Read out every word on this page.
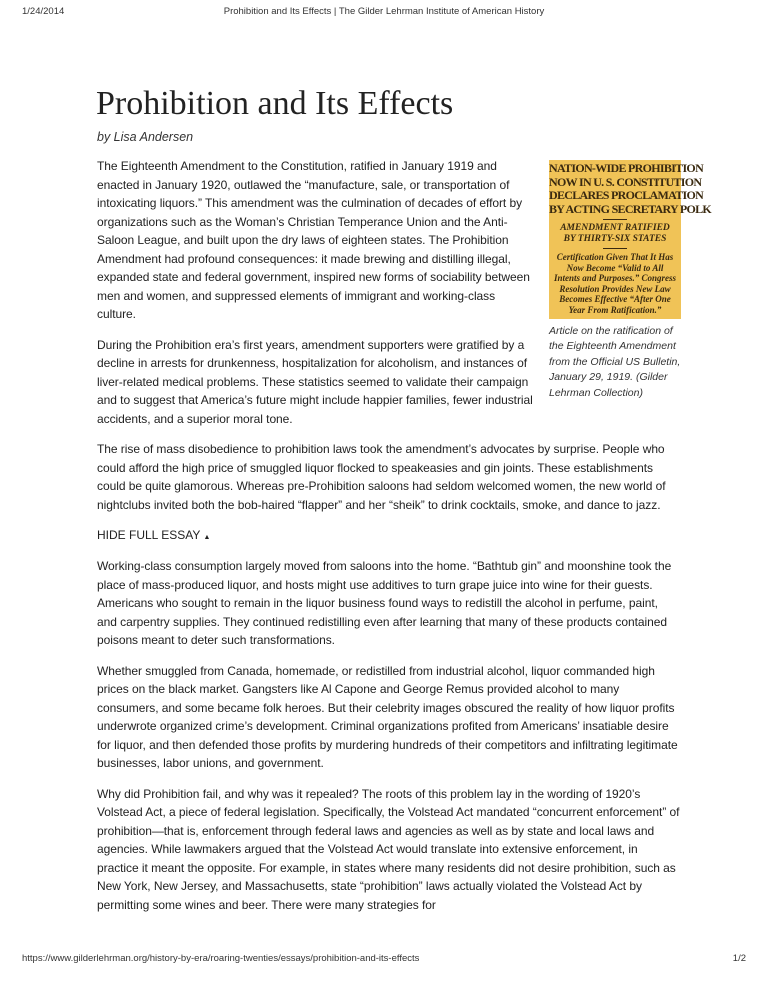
1/24/2014	Prohibition and Its Effects | The Gilder Lehrman Institute of American History
Prohibition and Its Effects
by Lisa Andersen
NATION-WIDE PROHIBITION
NOW IN U. S. CONSTITUTION
DECLARES PROCLAMATION
BY ACTING SECRETARY POLK
AMENDMENT RATIFIED
BY THIRTY-SIX STATES
Certification Given That It Has Now Become “Valid to All Intents and Purposes.” Congress Resolution Provides New Law Becomes Effective “After One Year From Ratification.”
Article on the ratification of the Eighteenth Amendment from the Official US Bulletin, January 29, 1919. (Gilder Lehrman Collection)

The Eighteenth Amendment to the Constitution, ratified in January 1919 and enacted in January 1920, outlawed the “manufacture, sale, or transportation of intoxicating liquors.” This amendment was the culmination of decades of effort by organizations such as the Woman’s Christian Temperance Union and the Anti-Saloon League, and built upon the dry laws of eighteen states. The Prohibition Amendment had profound consequences: it made brewing and distilling illegal, expanded state and federal government, inspired new forms of sociability between men and women, and suppressed elements of immigrant and working-class culture.

During the Prohibition era’s first years, amendment supporters were gratified by a decline in arrests for drunkenness, hospitalization for alcoholism, and instances of liver-related medical problems. These statistics seemed to validate their campaign and to suggest that America’s future might include happier families, fewer industrial accidents, and a superior moral tone.

The rise of mass disobedience to prohibition laws took the amendment’s advocates by surprise. People who could afford the high price of smuggled liquor flocked to speakeasies and gin joints. These establishments could be quite glamorous. Whereas pre-Prohibition saloons had seldom welcomed women, the new world of nightclubs invited both the bob-haired “flapper” and her “sheik” to drink cocktails, smoke, and dance to jazz.

HIDE FULL ESSAY ▲

Working-class consumption largely moved from saloons into the home. “Bathtub gin” and moonshine took the place of mass-produced liquor, and hosts might use additives to turn grape juice into wine for their guests. Americans who sought to remain in the liquor business found ways to redistill the alcohol in perfume, paint, and carpentry supplies. They continued redistilling even after learning that many of these products contained poisons meant to deter such transformations.

Whether smuggled from Canada, homemade, or redistilled from industrial alcohol, liquor commanded high prices on the black market. Gangsters like Al Capone and George Remus provided alcohol to many consumers, and some became folk heroes. But their celebrity images obscured the reality of how liquor profits underwrote organized crime’s development. Criminal organizations profited from Americans’ insatiable desire for liquor, and then defended those profits by murdering hundreds of their competitors and infiltrating legitimate businesses, labor unions, and government.

Why did Prohibition fail, and why was it repealed? The roots of this problem lay in the wording of 1920’s Volstead Act, a piece of federal legislation. Specifically, the Volstead Act mandated “concurrent enforcement” of prohibition—that is, enforcement through federal laws and agencies as well as by state and local laws and agencies. While lawmakers argued that the Volstead Act would translate into extensive enforcement, in practice it meant the opposite. For example, in states where many residents did not desire prohibition, such as New York, New Jersey, and Massachusetts, state “prohibition” laws actually violated the Volstead Act by permitting some wines and beer. There were many strategies for

https://www.gilderlehrman.org/history-by-era/roaring-twenties/essays/prohibition-and-its-effects	1/2
